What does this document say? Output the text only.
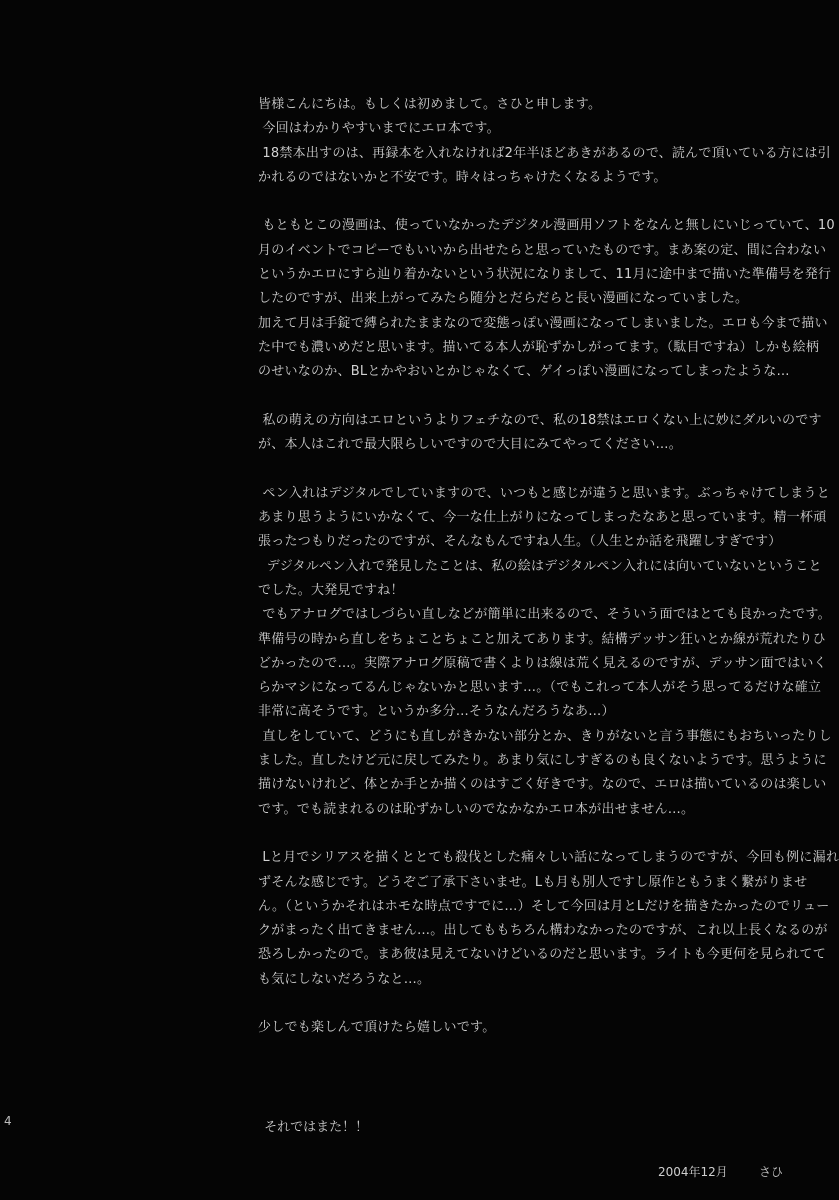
4
皆様こんにちは。もしくは初めまして。さひと申します。
今回はわかりやすいまでにエロ本です。
18禁本出すのは、再録本を入れなければ2年半ほどあきがあるので、読んで頂いている方には引
かれるのではないかと不安です。時々はっちゃけたくなるようです。
もともとこの漫画は、使っていなかったデジタル漫画用ソフトをなんと無しにいじっていて、10
月のイベントでコピーでもいいから出せたらと思っていたものです。まあ案の定、間に合わない
というかエロにすら辿り着かないという状況になりまして、11月に途中まで描いた準備号を発行
したのですが、出来上がってみたら随分とだらだらと長い漫画になっていました。
加えて月は手錠で縛られたままなので変態っぽい漫画になってしまいました。エロも今まで描い
た中でも濃いめだと思います。描いてる本人が恥ずかしがってます。（駄目ですね）しかも絵柄
のせいなのか、BLとかやおいとかじゃなくて、ゲイっぽい漫画になってしまったような…
私の萌えの方向はエロというよりフェチなので、私の18禁はエロくない上に妙にダルいのです
が、本人はこれで最大限らしいですので大目にみてやってください…。
ペン入れはデジタルでしていますので、いつもと感じが違うと思います。ぶっちゃけてしまうと
あまり思うようにいかなくて、今一な仕上がりになってしまったなあと思っています。精一杯頑
張ったつもりだったのですが、そんなもんですね人生。（人生とか話を飛躍しすぎです）
デジタルペン入れで発見したことは、私の絵はデジタルペン入れには向いていないということ
でした。大発見ですね！
でもアナログではしづらい直しなどが簡単に出来るので、そういう面ではとても良かったです。
準備号の時から直しをちょことちょこと加えてあります。結構デッサン狂いとか線が荒れたりひ
どかったので…。実際アナログ原稿で書くよりは線は荒く見えるのですが、デッサン面ではいく
らかマシになってるんじゃないかと思います…。（でもこれって本人がそう思ってるだけな確立
非常に高そうです。というか多分…そうなんだろうなあ…）
直しをしていて、どうにも直しがきかない部分とか、きりがないと言う事態にもおちいったりし
ました。直したけど元に戻してみたり。あまり気にしすぎるのも良くないようです。思うように
描けないけれど、体とか手とか描くのはすごく好きです。なので、エロは描いているのは楽しい
です。でも読まれるのは恥ずかしいのでなかなかエロ本が出せません…。
Lと月でシリアスを描くととても殺伐とした痛々しい話になってしまうのですが、今回も例に漏れ
ずそんな感じです。どうぞご了承下さいませ。Lも月も別人ですし原作ともうまく繋がりませ
ん。（というかそれはホモな時点ですでに…）そして今回は月とLだけを描きたかったのでリュー
クがまったく出てきません…。出してももちろん構わなかったのですが、これ以上長くなるのが
恐ろしかったので。まあ彼は見えてないけどいるのだと思います。ライトも今更何を見られてて
も気にしないだろうなと…。
少しでも楽しんで頂けたら嬉しいです。
それではまた！！
2004年12月	さひ
